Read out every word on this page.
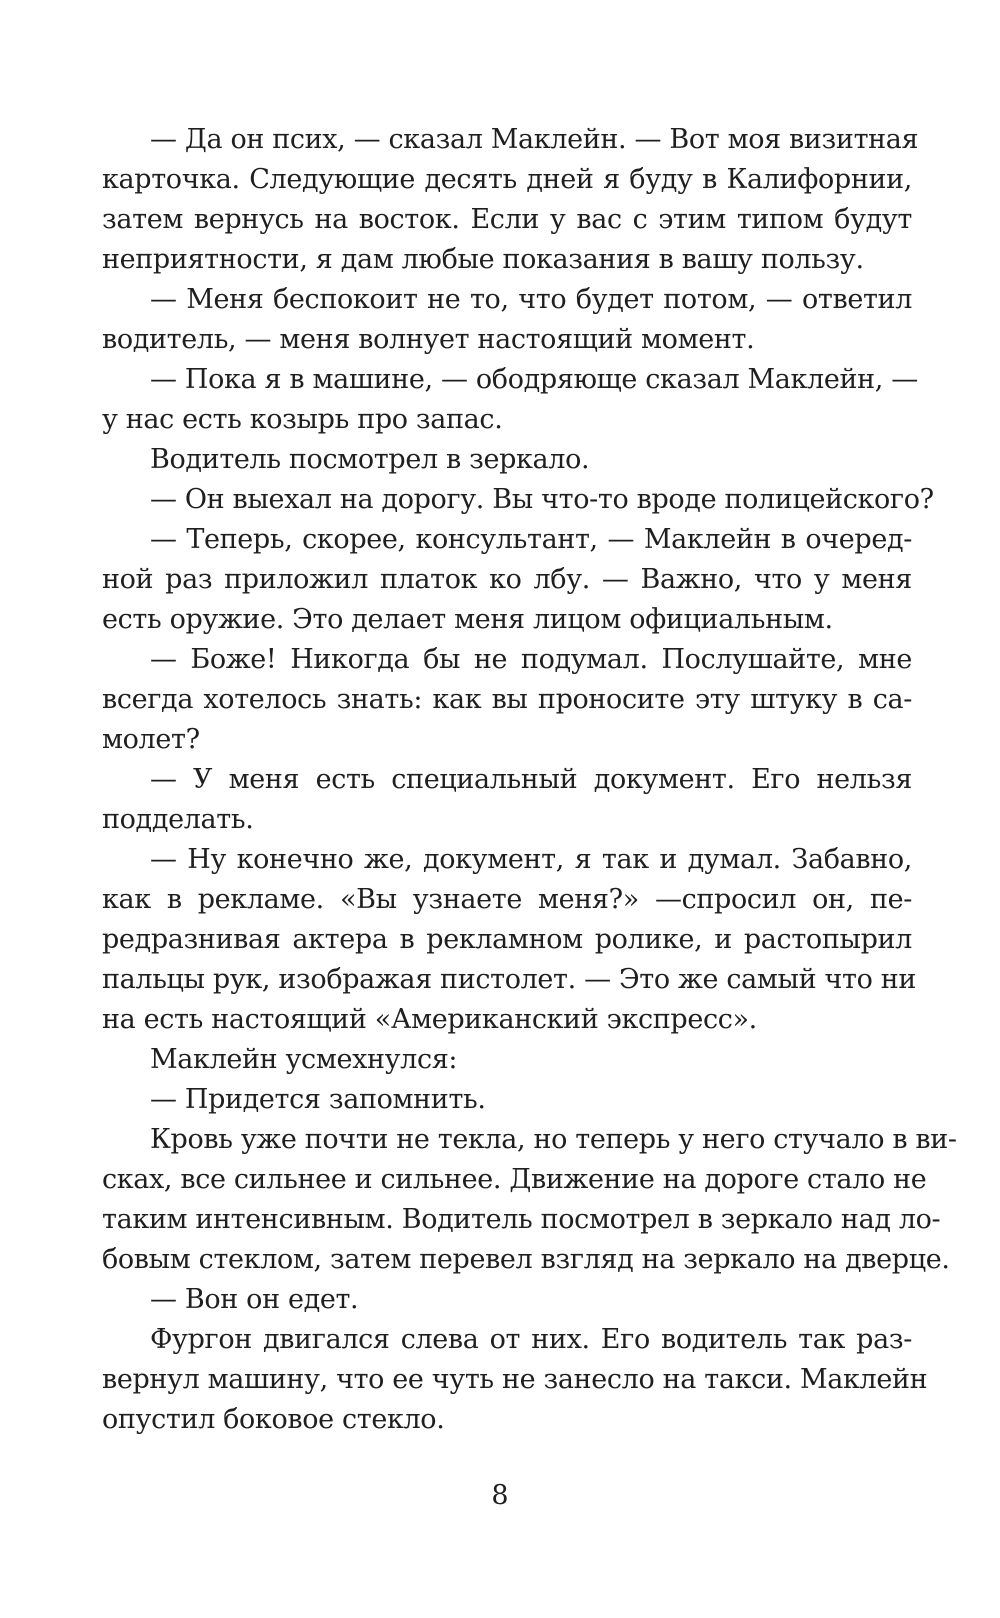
— Да он псих, — сказал Маклейн. — Вот моя визитная
карточка. Следующие десять дней я буду в Калифорнии,
затем вернусь на восток. Если у вас с этим типом будут
неприятности, я дам любые показания в вашу пользу.
— Меня беспокоит не то, что будет потом, — ответил
водитель, — меня волнует настоящий момент.
— Пока я в машине, — ободряюще сказал Маклейн, —
у нас есть козырь про запас.
Водитель посмотрел в зеркало.
— Он выехал на дорогу. Вы что-то вроде полицейского?
— Теперь, скорее, консультант, — Маклейн в очеред-
ной раз приложил платок ко лбу. — Важно, что у меня
есть оружие. Это делает меня лицом официальным.
— Боже! Никогда бы не подумал. Послушайте, мне
всегда хотелось знать: как вы проносите эту штуку в са-
молет?
— У меня есть специальный документ. Его нельзя
подделать.
— Ну конечно же, документ, я так и думал. Забавно,
как в рекламе. «Вы узнаете меня?» —спросил он, пе-
редразнивая актера в рекламном ролике, и растопырил
пальцы рук, изображая пистолет. — Это же самый что ни
на есть настоящий «Американский экспресс».
Маклейн усмехнулся:
— Придется запомнить.
Кровь уже почти не текла, но теперь у него стучало в ви-
сках, все сильнее и сильнее. Движение на дороге стало не
таким интенсивным. Водитель посмотрел в зеркало над ло-
бовым стеклом, затем перевел взгляд на зеркало на дверце.
— Вон он едет.
Фургон двигался слева от них. Его водитель так раз-
вернул машину, что ее чуть не занесло на такси. Маклейн
опустил боковое стекло.
8
